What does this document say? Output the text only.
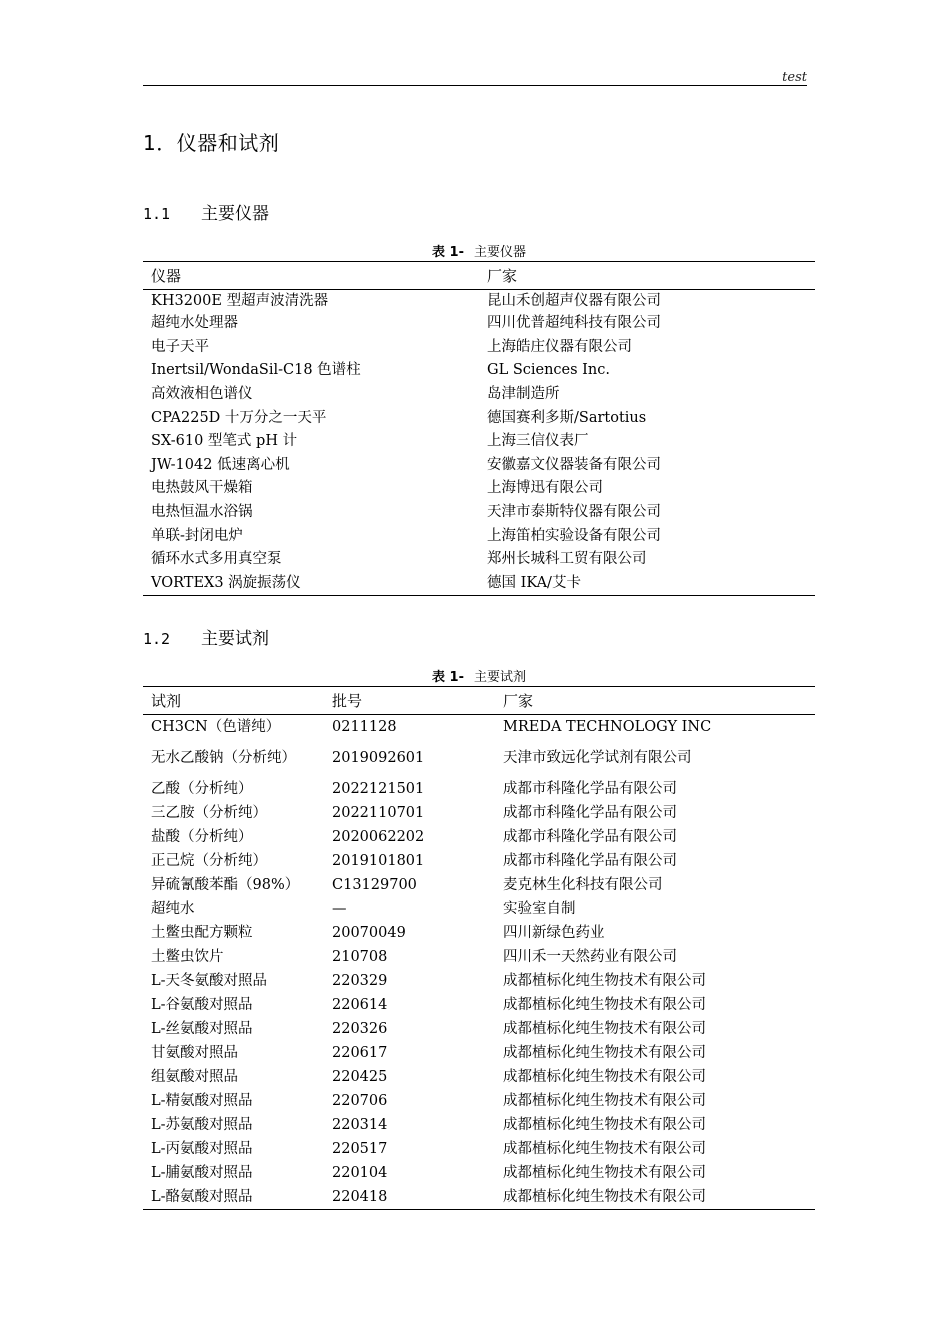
test
1．仪器和试剂
1.1 主要仪器
表 1- 主要仪器
仪器	厂家
KH3200E 型超声波清洗器	昆山禾创超声仪器有限公司
超纯水处理器	四川优普超纯科技有限公司
电子天平	上海皓庄仪器有限公司
Inertsil/WondaSil-C18 色谱柱	GL Sciences Inc.
高效液相色谱仪	岛津制造所
CPA225D 十万分之一天平	德国赛利多斯/Sartotius
SX-610 型笔式 pH 计	上海三信仪表厂
JW-1042 低速离心机	安徽嘉文仪器装备有限公司
电热鼓风干燥箱	上海博迅有限公司
电热恒温水浴锅	天津市泰斯特仪器有限公司
单联-封闭电炉	上海笛柏实验设备有限公司
循环水式多用真空泵	郑州长城科工贸有限公司
VORTEX3 涡旋振荡仪	德国 IKA/艾卡
1.2 主要试剂
表 1- 主要试剂
试剂	批号	厂家
CH3CN（色谱纯）	0211128	MREDA TECHNOLOGY INC
无水乙酸钠（分析纯）	2019092601	天津市致远化学试剂有限公司
乙酸（分析纯）	2022121501	成都市科隆化学品有限公司
三乙胺（分析纯）	2022110701	成都市科隆化学品有限公司
盐酸（分析纯）	2020062202	成都市科隆化学品有限公司
正己烷（分析纯）	2019101801	成都市科隆化学品有限公司
异硫氰酸苯酯（98%）	C13129700	麦克林生化科技有限公司
超纯水	—	实验室自制
土鳖虫配方颗粒	20070049	四川新绿色药业
土鳖虫饮片	210708	四川禾一天然药业有限公司
L-天冬氨酸对照品	220329	成都植标化纯生物技术有限公司
L-谷氨酸对照品	220614	成都植标化纯生物技术有限公司
L-丝氨酸对照品	220326	成都植标化纯生物技术有限公司
甘氨酸对照品	220617	成都植标化纯生物技术有限公司
组氨酸对照品	220425	成都植标化纯生物技术有限公司
L-精氨酸对照品	220706	成都植标化纯生物技术有限公司
L-苏氨酸对照品	220314	成都植标化纯生物技术有限公司
L-丙氨酸对照品	220517	成都植标化纯生物技术有限公司
L-脯氨酸对照品	220104	成都植标化纯生物技术有限公司
L-酪氨酸对照品	220418	成都植标化纯生物技术有限公司
